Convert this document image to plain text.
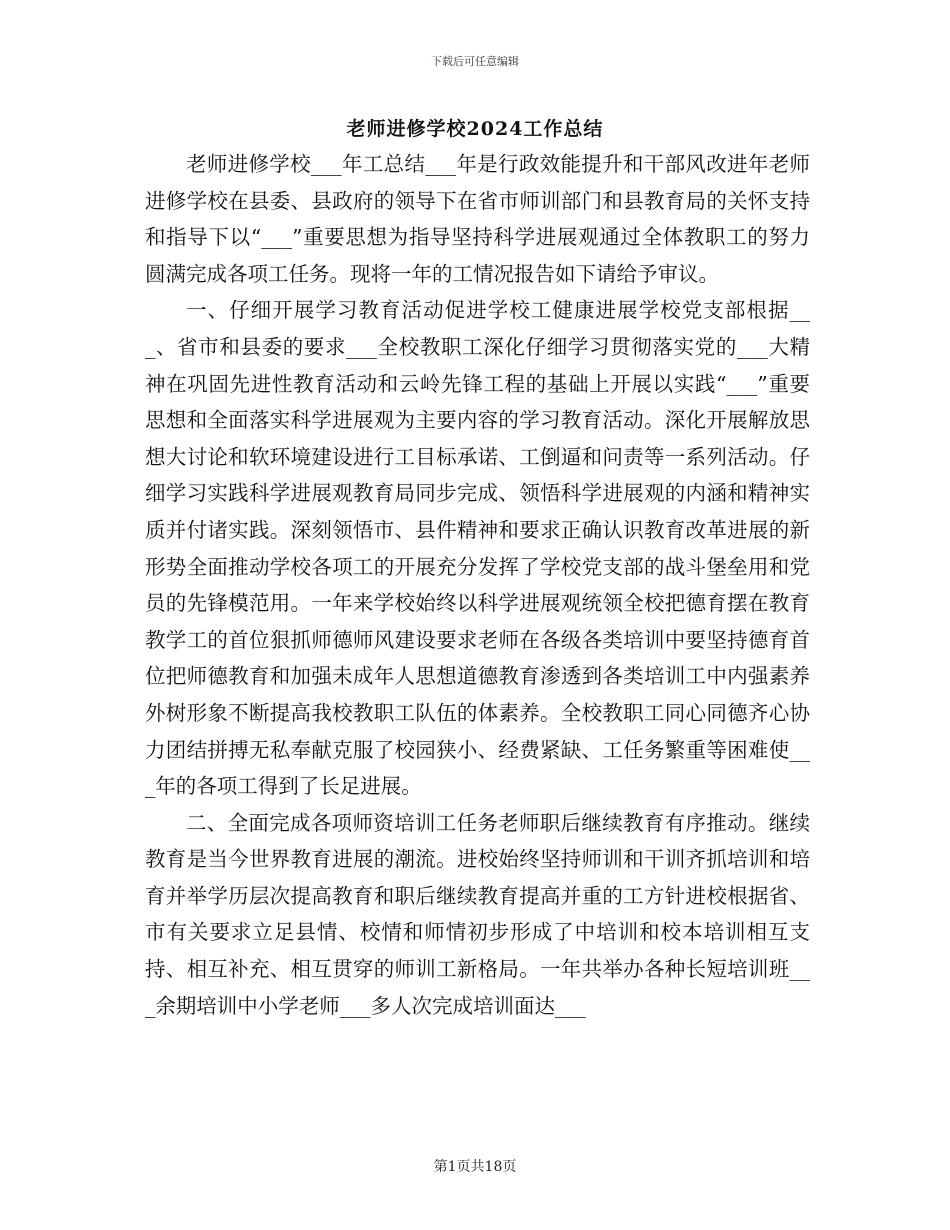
下载后可任意编辑
老师进修学校2024工作总结

老师进修学校___年工总结___年是行政效能提升和干部风改进年老师进修学校在县委、县政府的领导下在省市师训部门和县教育局的关怀支持和指导下以“___”重要思想为指导坚持科学进展观通过全体教职工的努力圆满完成各项工任务。现将一年的工情况报告如下请给予审议。

一、仔细开展学习教育活动促进学校工健康进展学校党支部根据___、省市和县委的要求___全校教职工深化仔细学习贯彻落实党的___大精神在巩固先进性教育活动和云岭先锋工程的基础上开展以实践“___”重要思想和全面落实科学进展观为主要内容的学习教育活动。深化开展解放思想大讨论和软环境建设进行工目标承诺、工倒逼和问责等一系列活动。仔细学习实践科学进展观教育局同步完成、领悟科学进展观的内涵和精神实质并付诸实践。深刻领悟市、县件精神和要求正确认识教育改革进展的新形势全面推动学校各项工的开展充分发挥了学校党支部的战斗堡垒用和党员的先锋模范用。一年来学校始终以科学进展观统领全校把德育摆在教育教学工的首位狠抓师德师风建设要求老师在各级各类培训中要坚持德育首位把师德教育和加强未成年人思想道德教育渗透到各类培训工中内强素养外树形象不断提高我校教职工队伍的体素养。全校教职工同心同德齐心协力团结拼搏无私奉献克服了校园狭小、经费紧缺、工任务繁重等困难使___年的各项工得到了长足进展。

二、全面完成各项师资培训工任务老师职后继续教育有序推动。继续教育是当今世界教育进展的潮流。进校始终坚持师训和干训齐抓培训和培育并举学历层次提高教育和职后继续教育提高并重的工方针进校根据省、市有关要求立足县情、校情和师情初步形成了中培训和校本培训相互支持、相互补充、相互贯穿的师训工新格局。一年共举办各种长短培训班___余期培训中小学老师___多人次完成培训面达___

第1页共18页
